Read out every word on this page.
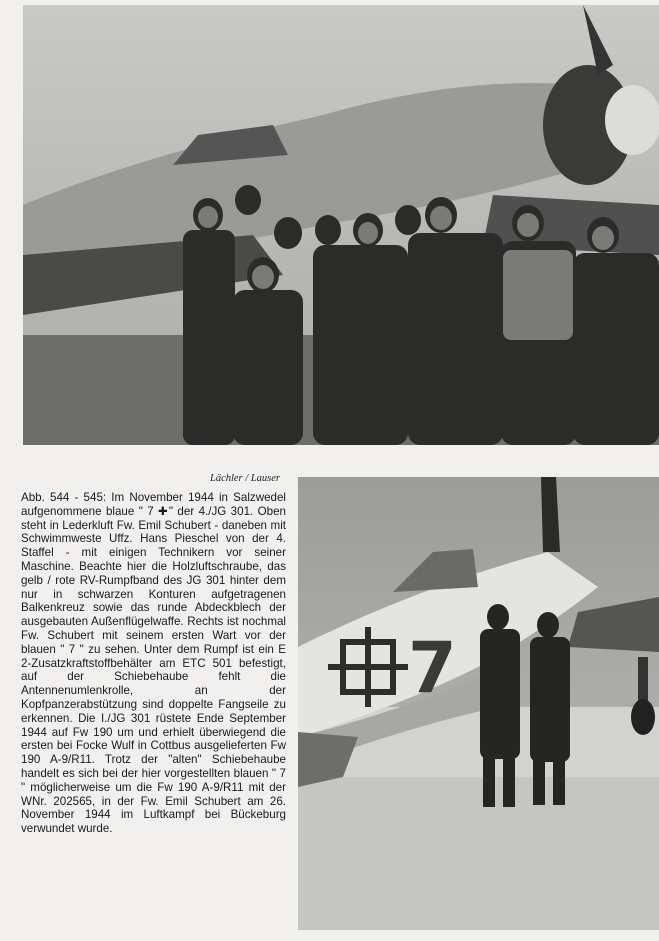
Lächler / Lauser
7

Abb. 544 - 545: Im November 1944 in Salzwedel aufgenommene blaue " 7 ✚" der 4./JG 301. Oben steht in Lederkluft Fw. Emil Schubert - daneben mit Schwimmweste Uffz. Hans Pieschel von der 4. Staffel - mit einigen Technikern vor seiner Maschine. Beachte hier die Holzluftschraube, das gelb / rote RV-Rumpfband des JG 301 hinter dem nur in schwarzen Konturen aufgetragenen Balkenkreuz sowie das runde Abdeckblech der ausgebauten Außenflügelwaffe. Rechts ist nochmal Fw. Schubert mit seinem ersten Wart vor der blauen " 7 " zu sehen. Unter dem Rumpf ist ein E 2-Zusatzkraftstoffbehälter am ETC 501 befestigt, auf der Schiebehaube fehlt die Antennenumlenkrolle, an der Kopfpanzerabstützung sind doppelte Fangseile zu erkennen. Die I./JG 301 rüstete Ende September 1944 auf Fw 190 um und erhielt überwiegend die ersten bei Focke Wulf in Cottbus ausgelieferten Fw 190 A-9/R11. Trotz der "alten" Schiebehaube handelt es sich bei der hier vorgestellten blauen " 7 " möglicherweise um die Fw 190 A-9/R11 mit der WNr. 202565, in der Fw. Emil Schubert am 26. November 1944 im Luftkampf bei Bückeburg verwundet wurde.
